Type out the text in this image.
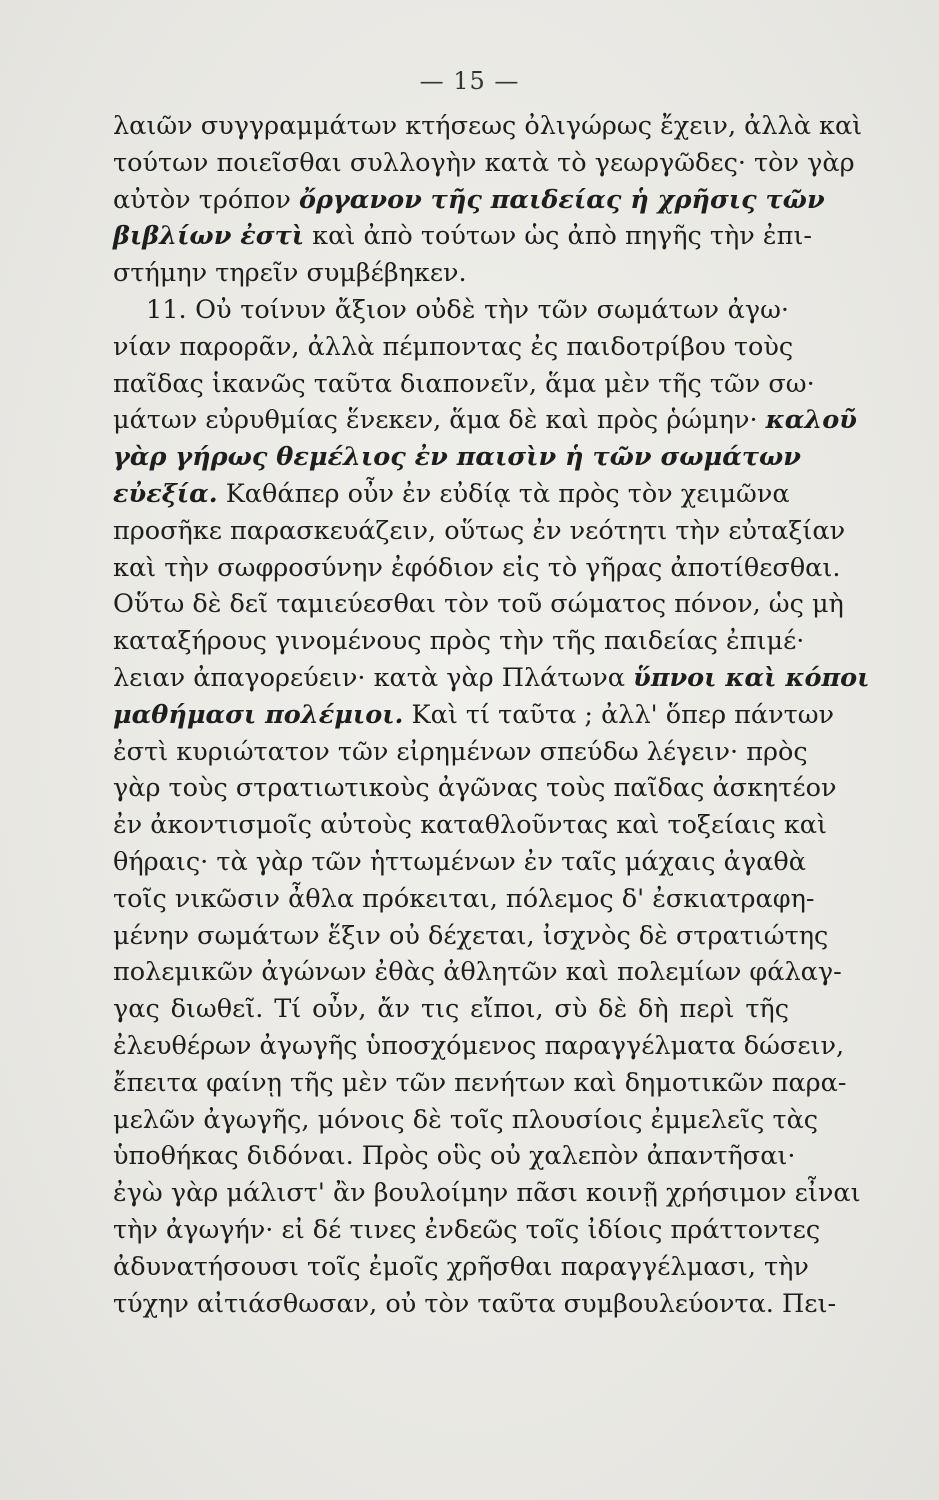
— 15 —
λαιῶν συγγραμμάτων κτήσεως ὀλιγώρως ἔχειν, ἀλλὰ καὶ
τούτων ποιεῖσθαι συλλογὴν κατὰ τὸ γεωργῶδες· τὸν γὰρ
αὐτὸν τρόπον ὄργανον τῆς παιδείας ἡ χρῆσις τῶν
βιβλίων ἐστὶ καὶ ἀπὸ τούτων ὡς ἀπὸ πηγῆς τὴν ἐπι-
στήμην τηρεῖν συμβέβηκεν.
11. Οὐ τοίνυν ἄξιον οὐδὲ τὴν τῶν σωμάτων ἀγω·
νίαν παρορᾶν, ἀλλὰ πέμποντας ἐς παιδοτρίβου τοὺς
παῖδας ἱκανῶς ταῦτα διαπονεῖν, ἅμα μὲν τῆς τῶν σω·
μάτων εὐρυθμίας ἕνεκεν, ἅμα δὲ καὶ πρὸς ῥώμην· καλοῦ
γὰρ γήρως θεμέλιος ἐν παισὶν ἡ τῶν σωμάτων
εὐεξία. Καθάπερ οὖν ἐν εὐδίᾳ τὰ πρὸς τὸν χειμῶνα
προσῆκε παρασκευάζειν, οὕτως ἐν νεότητι τὴν εὐταξίαν
καὶ τὴν σωφροσύνην ἐφόδιον εἰς τὸ γῆρας ἀποτίθεσθαι.
Οὕτω δὲ δεῖ ταμιεύεσθαι τὸν τοῦ σώματος πόνον, ὡς μὴ
καταξήρους γινομένους πρὸς τὴν τῆς παιδείας ἐπιμέ·
λειαν ἀπαγορεύειν· κατὰ γὰρ Πλάτωνα ὕπνοι καὶ κόποι
μαθήμασι πολέμιοι. Καὶ τί ταῦτα ; ἀλλ' ὅπερ πάντων
ἐστὶ κυριώτατον τῶν εἰρημένων σπεύδω λέγειν· πρὸς
γὰρ τοὺς στρατιωτικοὺς ἀγῶνας τοὺς παῖδας ἀσκητέον
ἐν ἀκοντισμοῖς αὐτοὺς καταθλοῦντας καὶ τοξείαις καὶ
θήραις· τὰ γὰρ τῶν ἡττωμένων ἐν ταῖς μάχαις ἀγαθὰ
τοῖς νικῶσιν ἆθλα πρόκειται, πόλεμος δ' ἐσκιατραφη-
μένην σωμάτων ἕξιν οὐ δέχεται, ἰσχνὸς δὲ στρατιώτης
πολεμικῶν ἀγώνων ἐθὰς ἀθλητῶν καὶ πολεμίων φάλαγ-
γας διωθεῖ. Τί οὖν, ἄν τις εἴποι, σὺ δὲ δὴ περὶ τῆς
ἐλευθέρων ἀγωγῆς ὑποσχόμενος παραγγέλματα δώσειν,
ἔπειτα φαίνῃ τῆς μὲν τῶν πενήτων καὶ δημοτικῶν παρα-
μελῶν ἀγωγῆς, μόνοις δὲ τοῖς πλουσίοις ἐμμελεῖς τὰς
ὑποθήκας διδόναι. Πρὸς οὓς οὐ χαλεπὸν ἀπαντῆσαι·
ἐγὼ γὰρ μάλιστ' ἂν βουλοίμην πᾶσι κοινῇ χρήσιμον εἶναι
τὴν ἀγωγήν· εἰ δέ τινες ἐνδεῶς τοῖς ἰδίοις πράττοντες
ἀδυνατήσουσι τοῖς ἐμοῖς χρῆσθαι παραγγέλμασι, τὴν
τύχην αἰτιάσθωσαν, οὐ τὸν ταῦτα συμβουλεύοντα. Πει-
